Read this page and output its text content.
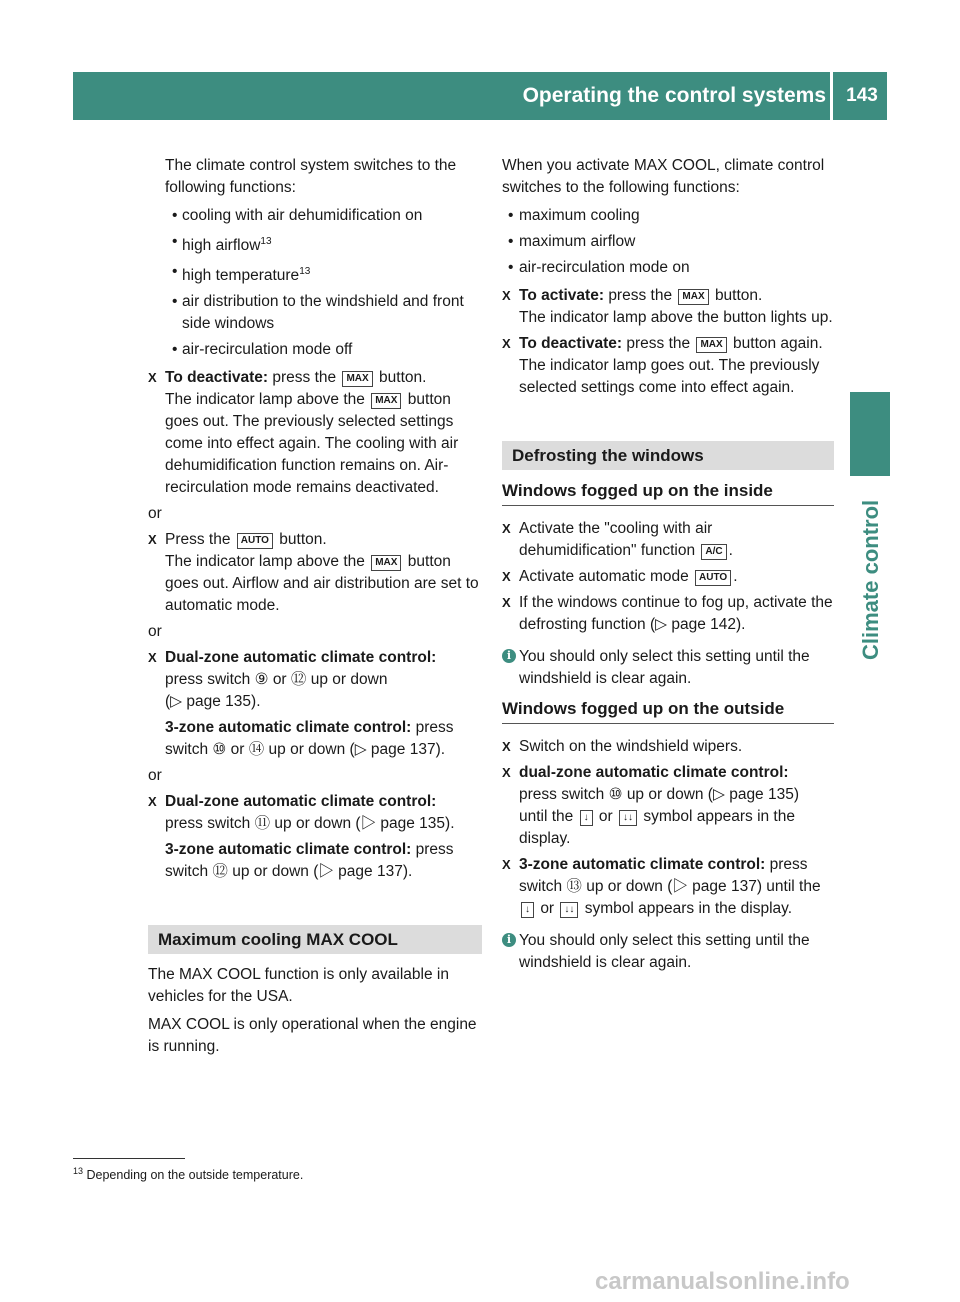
Operating the control systems	143
Climate control

The climate control system switches to the following functions:

• cooling with air dehumidification on
• high airflow$^{13}$
• high temperature$^{13}$
• air distribution to the windshield and front side windows
• air-recirculation mode off
X To deactivate: press the MAX button.
The indicator lamp above the MAX button goes out. The previously selected settings come into effect again. The cooling with air dehumidification function remains on. Air-recirculation mode remains deactivated.

or

X Press the AUTO button.
The indicator lamp above the MAX button goes out. Airflow and air distribution are set to automatic mode.

or

X Dual-zone automatic climate control:
press switch ⑨ or ⑫ up or down
(▷ page 135).
3-zone automatic climate control: press switch ⑩ or ⑭ up or down (▷ page 137).

or

X Dual-zone automatic climate control:
press switch ⑪ up or down (▷ page 135).
3-zone automatic climate control: press switch ⑫ up or down (▷ page 137).
Maximum cooling MAX COOL

The MAX COOL function is only available in vehicles for the USA.

MAX COOL is only operational when the engine is running.

When you activate MAX COOL, climate control switches to the following functions:

• maximum cooling
• maximum airflow
• air-recirculation mode on
X To activate: press the MAX button.
The indicator lamp above the button lights up.
X To deactivate: press the MAX button again.
The indicator lamp goes out. The previously selected settings come into effect again.
Defrosting the windows
Windows fogged up on the inside
X Activate the "cooling with air dehumidification" function A/C .
X Activate automatic mode AUTO .
X If the windows continue to fog up, activate the defrosting function (▷ page 142).
i You should only select this setting until the windshield is clear again.
Windows fogged up on the outside
X Switch on the windshield wipers.
X dual-zone automatic climate control:
press switch ⑩ up or down (▷ page 135)
until the ↓ or ↓↓ symbol appears in the display.
X 3-zone automatic climate control: press switch ⑬ up or down (▷ page 137) until the ↓ or ↓↓ symbol appears in the display.
i You should only select this setting until the windshield is clear again.
$^{13}$ Depending on the outside temperature.
carmanualsonline.info
